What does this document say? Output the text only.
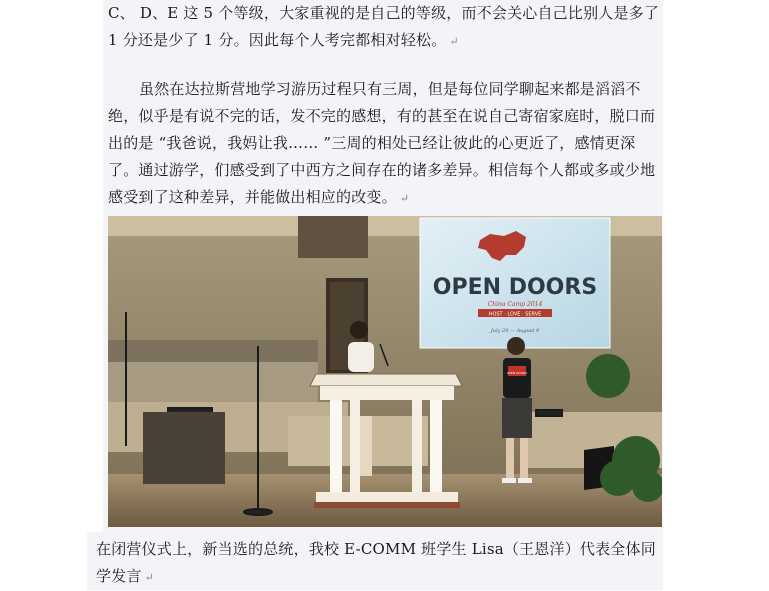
C、 D、E 这 5 个等级，大家重视的是自己的等级，而不会关心自己比别人是多了 1 分还是少了 1 分。因此每个人考完都相对轻松。 ↵

虽然在达拉斯营地学习游历过程只有三周，但是每位同学聊起来都是滔滔不绝，似乎是有说不完的话，发不完的感想，有的甚至在说自己寄宿家庭时，脱口而出的是 “我爸说，我妈让我…… ”三周的相处已经让彼此的心更近了，感情更深了。通过游学，们感受到了中西方之间存在的诸多差异。相信每个人都或多或少地感受到了这种差异，并能做出相应的改变。 ↵

OPEN DOORS
China Camp 2014
HOST · LOVE · SERVE
July 20 — August 9
OPEN DOORS

在闭营仪式上，新当选的总统，我校 E-COMM 班学生 Lisa（王恩洋）代表全体同学发言 ↵
